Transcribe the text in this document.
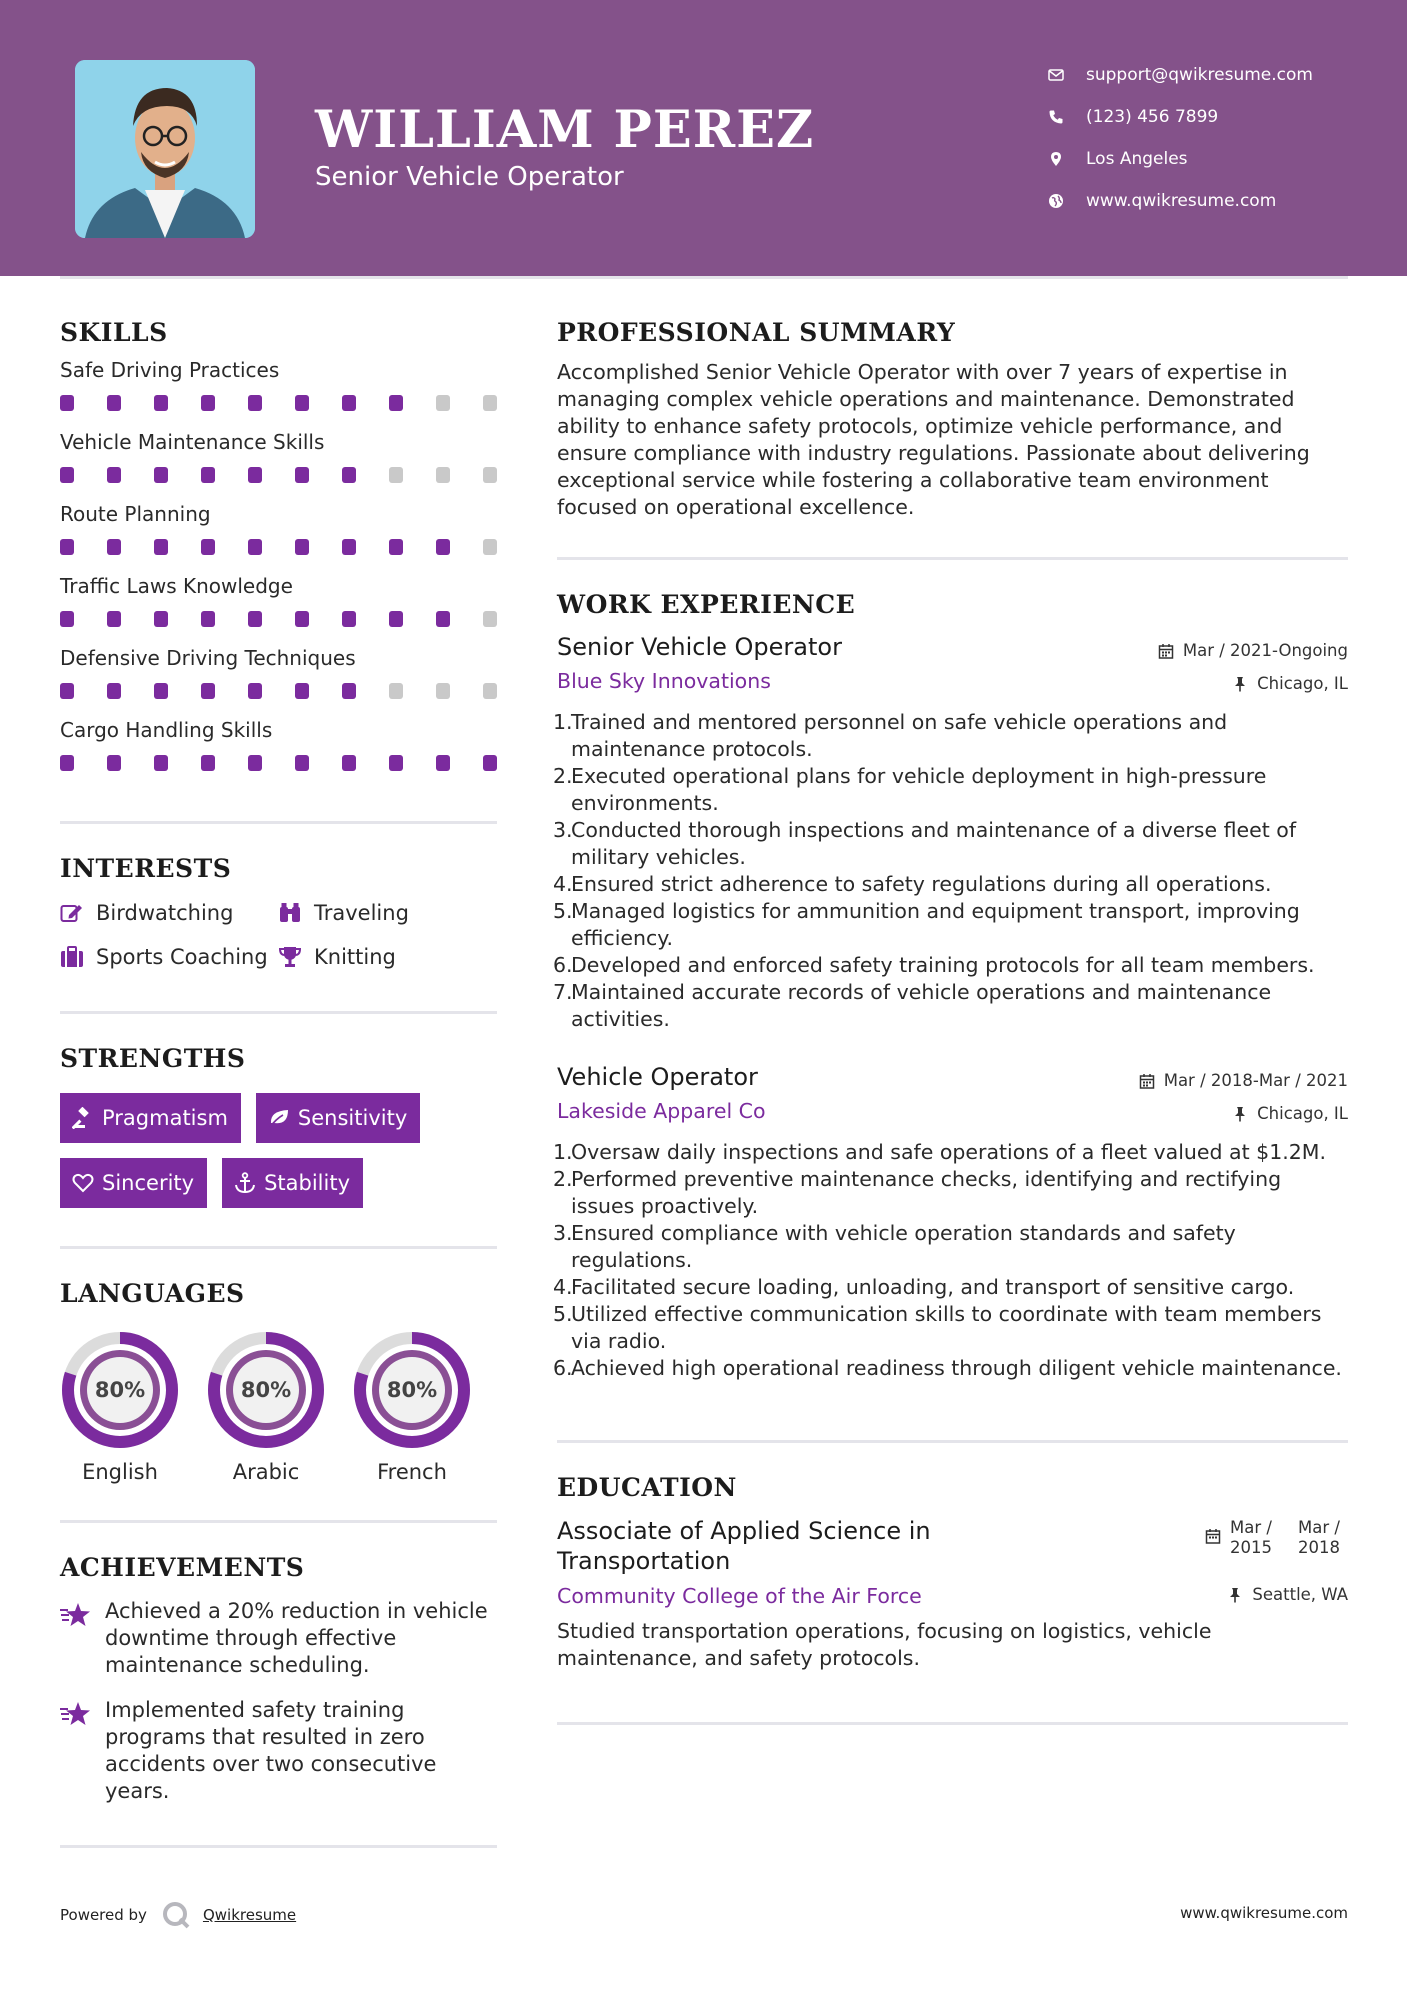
WILLIAM PEREZ
Senior Vehicle Operator
support@qwikresume.com
(123) 456 7899
Los Angeles
www.qwikresume.com
SKILLS
Safe Driving Practices
Vehicle Maintenance Skills
Route Planning
Traffic Laws Knowledge
Defensive Driving Techniques
Cargo Handling Skills
INTERESTS
Birdwatching	Traveling
Sports Coaching Knitting
STRENGTHS
Pragmatism	Sensitivity
Sincerity	Stability
LANGUAGES
80%
English
80%
Arabic
80%
French
ACHIEVEMENTS
Achieved a 20% reduction in vehicle downtime through effective maintenance scheduling.
Implemented safety training programs that resulted in zero accidents over two consecutive years.
PROFESSIONAL SUMMARY
Accomplished Senior Vehicle Operator with over 7 years of expertise in managing complex vehicle operations and maintenance. Demonstrated ability to enhance safety protocols, optimize vehicle performance, and ensure compliance with industry regulations. Passionate about delivering exceptional service while fostering a collaborative team environment focused on operational excellence.
WORK EXPERIENCE
Senior Vehicle Operator	Mar / 2021-Ongoing
Blue Sky Innovations	Chicago, IL
1.
Trained and mentored personnel on safe vehicle operations and maintenance protocols.
2.
Executed operational plans for vehicle deployment in high-pressure environments.
3.
Conducted thorough inspections and maintenance of a diverse fleet of military vehicles.
4.
Ensured strict adherence to safety regulations during all operations.
5.
Managed logistics for ammunition and equipment transport, improving efficiency.
6.
Developed and enforced safety training protocols for all team members.
7.
Maintained accurate records of vehicle operations and maintenance activities.
Vehicle Operator	Mar / 2018-Mar / 2021
Lakeside Apparel Co	Chicago, IL
1.
Oversaw daily inspections and safe operations of a fleet valued at $1.2M.
2.
Performed preventive maintenance checks, identifying and rectifying issues proactively.
3.
Ensured compliance with vehicle operation standards and safety regulations.
4.
Facilitated secure loading, unloading, and transport of sensitive cargo.
5.
Utilized effective communication skills to coordinate with team members via radio.
6.
Achieved high operational readiness through diligent vehicle maintenance.
EDUCATION
Associate of Applied Science in
Transportation
Mar /
2015
Mar /
2018
Community College of the Air Force	Seattle, WA
Studied transportation operations, focusing on logistics, vehicle maintenance, and safety protocols.
Powered by	Qwikresume	www.qwikresume.com
